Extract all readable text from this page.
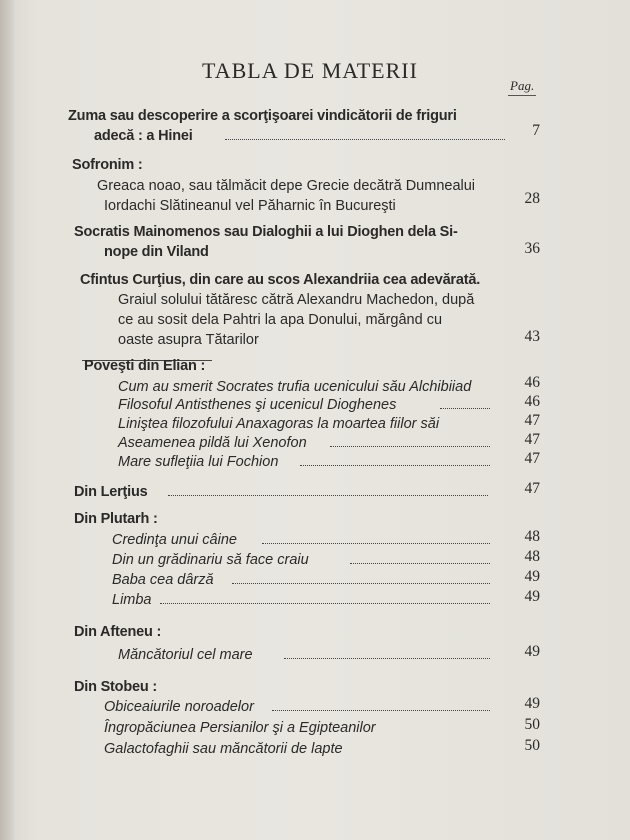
TABLA DE MATERII
Pag.
Zuma sau descoperire a scorţişoarei vindicătorii de friguri
adecă : a Hinei	7
Sofronim :
Greaca noao, sau tălmăcit depe Grecie decătră Dumnealui
Iordachi Slătineanul vel Păharnic în Bucureşti	28
Socratis Mainomenos sau Dialoghii a lui Dioghen dela Si-
nope din Viland	36
Cfintus Curţius, din care au scos Alexandriia cea adevărată.
Graiul solului tătăresc cătră Alexandru Machedon, după
ce au sosit dela Pahtri la apa Donului, mărgând cu
oaste asupra Tătarilor	43
Poveşti din Elian :
Cum au smerit Socrates trufia ucenicului său Alchibiiad	46
Filosoful Antisthenes şi ucenicul Dioghenes	46
Liniştea filozofului Anaxagoras la moartea fiilor săi	47
Aseamenea pildă lui Xenofon	47
Mare sufleţiia lui Fochion	47
Din Lerţius	47
Din Plutarh :
Credinţa unui câine	48
Din un grădinariu să face craiu	48
Baba cea dârză	49
Limba	49
Din Afteneu :
Măncătoriul cel mare	49
Din Stobeu :
Obiceaiurile noroadelor	49
Îngropăciunea Persianilor şi a Egipteanilor	50
Galactofaghii sau măncătorii de lapte	50
